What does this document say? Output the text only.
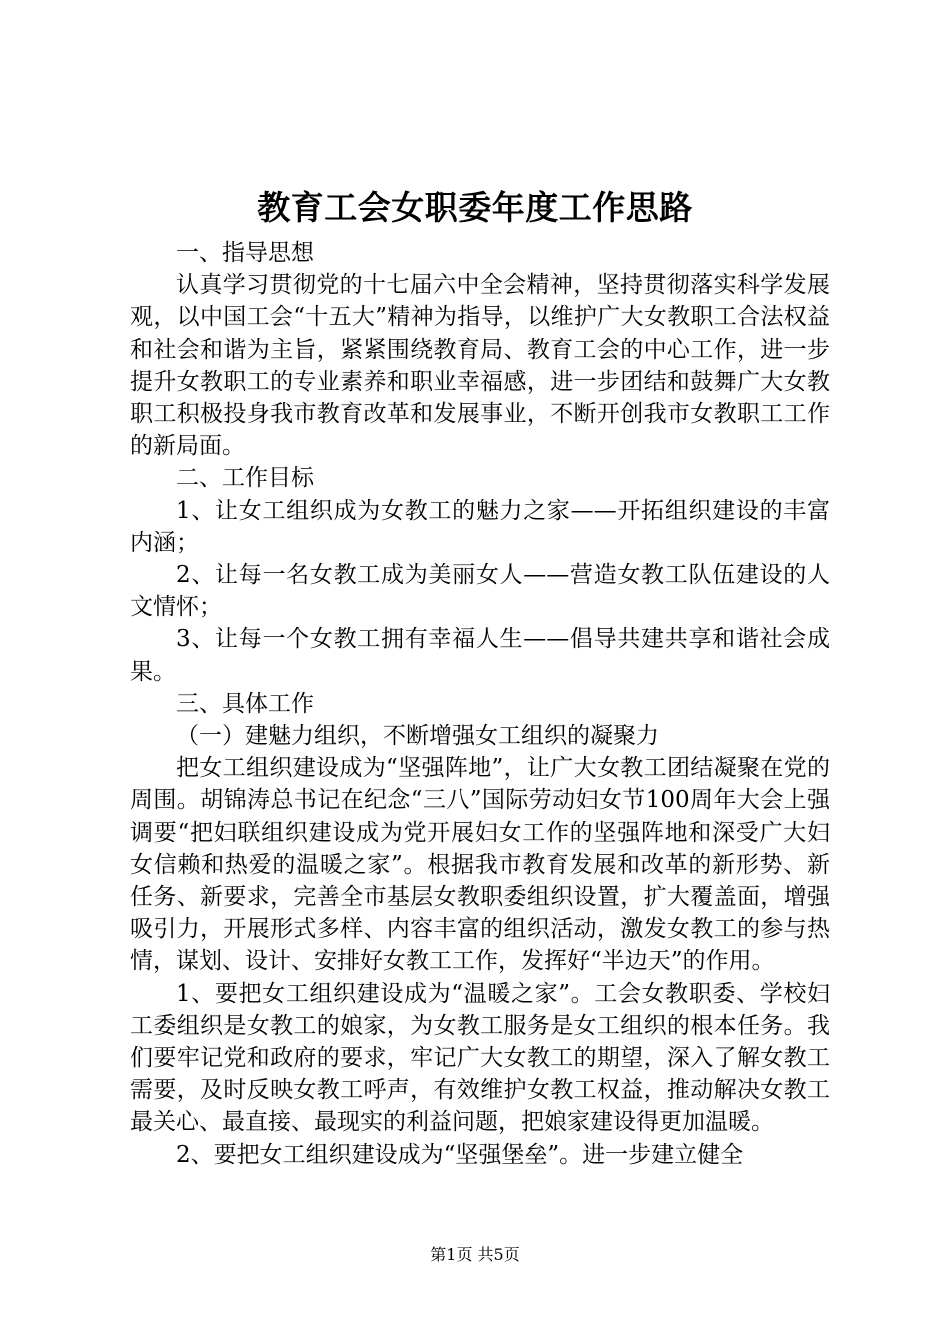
教育工会女职委年度工作思路

一、指导思想

认真学习贯彻党的十七届六中全会精神，坚持贯彻落实科学发展观，以中国工会“十五大”精神为指导，以维护广大女教职工合法权益和社会和谐为主旨，紧紧围绕教育局、教育工会的中心工作，进一步提升女教职工的专业素养和职业幸福感，进一步团结和鼓舞广大女教职工积极投身我市教育改革和发展事业，不断开创我市女教职工工作的新局面。

二、工作目标

1、让女工组织成为女教工的魅力之家——开拓组织建设的丰富内涵；

2、让每一名女教工成为美丽女人——营造女教工队伍建设的人文情怀；

3、让每一个女教工拥有幸福人生——倡导共建共享和谐社会成果。

三、具体工作

（一）建魅力组织，不断增强女工组织的凝聚力

把女工组织建设成为“坚强阵地”，让广大女教工团结凝聚在党的周围。胡锦涛总书记在纪念“三八”国际劳动妇女节100周年大会上强调要“把妇联组织建设成为党开展妇女工作的坚强阵地和深受广大妇女信赖和热爱的温暖之家”。根据我市教育发展和改革的新形势、新任务、新要求，完善全市基层女教职委组织设置，扩大覆盖面，增强吸引力，开展形式多样、内容丰富的组织活动，激发女教工的参与热情，谋划、设计、安排好女教工工作，发挥好“半边天”的作用。

1、要把女工组织建设成为“温暖之家”。工会女教职委、学校妇工委组织是女教工的娘家，为女教工服务是女工组织的根本任务。我们要牢记党和政府的要求，牢记广大女教工的期望，深入了解女教工需要，及时反映女教工呼声，有效维护女教工权益，推动解决女教工最关心、最直接、最现实的利益问题，把娘家建设得更加温暖。

2、要把女工组织建设成为“坚强堡垒”。进一步建立健全

第1页 共5页
